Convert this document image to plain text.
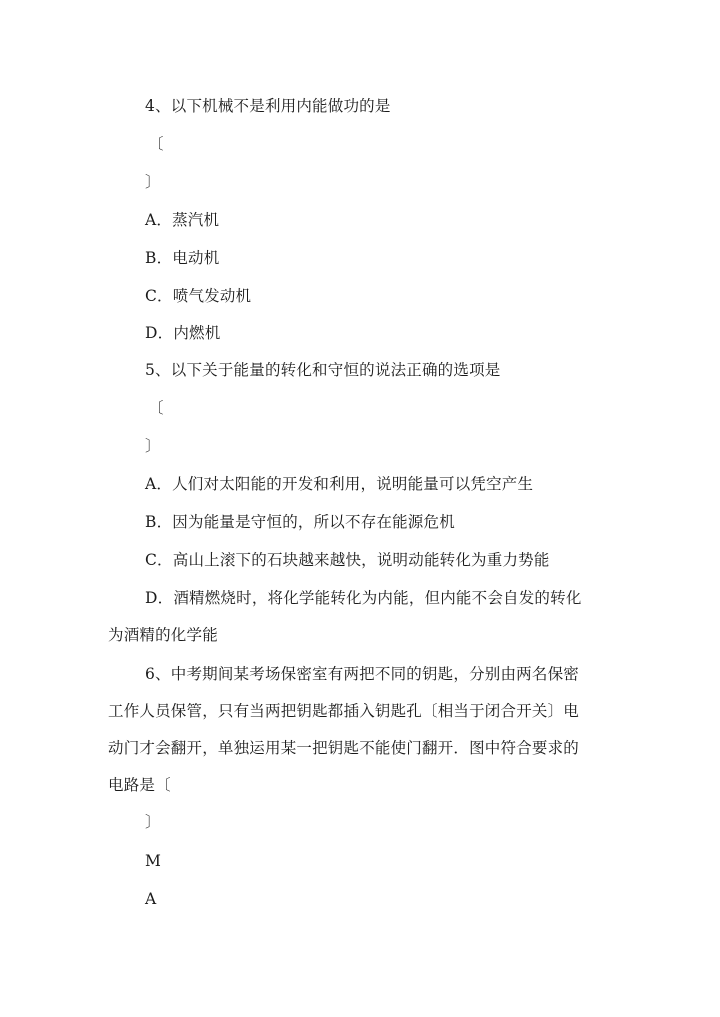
4、以下机械不是利用内能做功的是
〔
〕
A．蒸汽机
B．电动机
C．喷气发动机
D．内燃机
5、以下关于能量的转化和守恒的说法正确的选项是
〔
〕
A．人们对太阳能的开发和利用，说明能量可以凭空产生
B．因为能量是守恒的，所以不存在能源危机
C．高山上滚下的石块越来越快，说明动能转化为重力势能
D．酒精燃烧时，将化学能转化为内能，但内能不会自发的转化
为酒精的化学能
6、中考期间某考场保密室有两把不同的钥匙，分别由两名保密
工作人员保管，只有当两把钥匙都插入钥匙孔〔相当于闭合开关〕电
动门才会翻开，单独运用某一把钥匙不能使门翻开．图中符合要求的
电路是〔
〕
M
A
